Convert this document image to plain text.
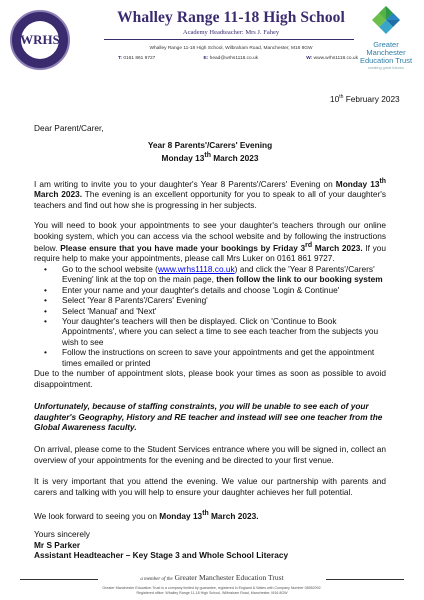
WRHS
Whalley Range 11-18 High School
Academy Headteacher: Mrs J. Fahey
Whalley Range 11-18 High School, Wilbraham Road, Manchester, M16 8GW
T: 0161 861 9727	E: head@wrhs1118.co.uk	W: www.wrhs1118.co.uk
Greater
Manchester
Education Trust
creating great futures
10th February 2023
Dear Parent/Carer,
Year 8 Parents'/Carers' Evening
Monday 13th March 2023

I am writing to invite you to your daughter's Year 8 Parents'/Carers' Evening on Monday 13th March 2023. The evening is an excellent opportunity for you to speak to all of your daughter's teachers and find out how she is progressing in her subjects.

You will need to book your appointments to see your daughter's teachers through our online booking system, which you can access via the school website and by following the instructions below. Please ensure that you have made your bookings by Friday 3rd March 2023. If you require help to make your appointments, please call Mrs Luker on 0161 861 9727.

• Go to the school website (www.wrhs1118.co.uk) and click the 'Year 8 Parents'/Carers' Evening' link at the top on the main page, then follow the link to our booking system
• Enter your name and your daughter's details and choose 'Login & Continue'
• Select 'Year 8 Parents'/Carers' Evening'
• Select 'Manual' and 'Next'
• Your daughter's teachers will then be displayed. Click on 'Continue to Book Appointments', where you can select a time to see each teacher from the subjects you wish to see
• Follow the instructions on screen to save your appointments and get the appointment times emailed or printed

Due to the number of appointment slots, please book your times as soon as possible to avoid disappointment.

Unfortunately, because of staffing constraints, you will be unable to see each of your daughter's Geography, History and RE teacher and instead will see one teacher from the Global Awareness faculty.

On arrival, please come to the Student Services entrance where you will be signed in, collect an overview of your appointments for the evening and be directed to your first venue.

It is very important that you attend the evening. We value our partnership with parents and carers and talking with you will help to ensure your daughter achieves her full potential.

We look forward to seeing you on Monday 13th March 2023.

Yours sincerely

Mr S Parker
Assistant Headteacher – Key Stage 3 and Whole School Literacy
a member of the Greater Manchester Education Trust
Greater Manchester Education Trust is a company limited by guarantee, registered in England & Wales with Company Number 08952092.
Registered office: Whalley Range 11-18 High School, Wilbraham Road, Manchester, M16 8GW
